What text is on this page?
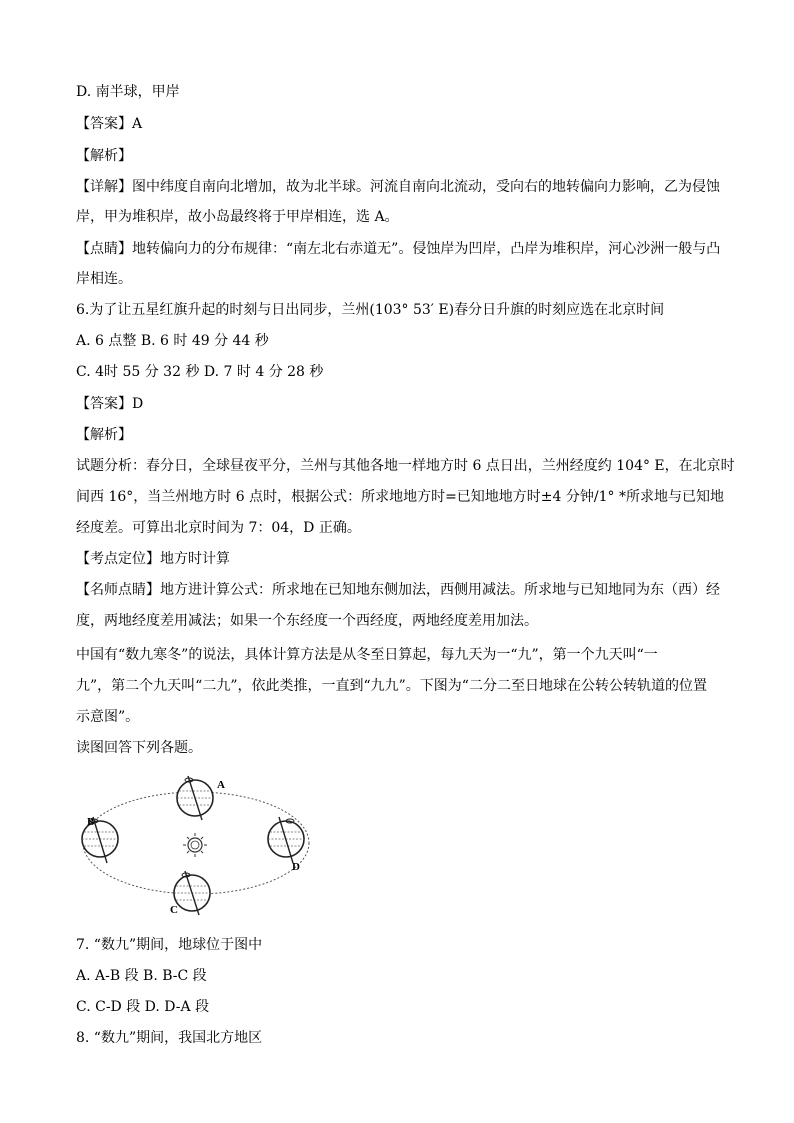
D. 南半球，甲岸
【答案】A
【解析】
【详解】图中纬度自南向北增加，故为北半球。河流自南向北流动，受向右的地转偏向力影响，乙为侵蚀
岸，甲为堆积岸，故小岛最终将于甲岸相连，选 A。
【点睛】地转偏向力的分布规律：“南左北右赤道无”。侵蚀岸为凹岸，凸岸为堆积岸，河心沙洲一般与凸
岸相连。
6.为了让五星红旗升起的时刻与日出同步，兰州(103° 53′ E)春分日升旗的时刻应选在北京时间
A. 6 点整 B. 6 时 49 分 44 秒
C. 4时 55 分 32 秒 D. 7 时 4 分 28 秒
【答案】D
【解析】
试题分析：春分日，全球昼夜平分，兰州与其他各地一样地方时 6 点日出，兰州经度约 104° E，在北京时
间西 16°，当兰州地方时 6 点时，根据公式：所求地地方时=已知地地方时±4 分钟/1° *所求地与已知地
经度差。可算出北京时间为 7：04，D 正确。
【考点定位】地方时计算
【名师点睛】地方进计算公式：所求地在已知地东侧加法，西侧用减法。所求地与已知地同为东（西）经
度，两地经度差用减法；如果一个东经度一个西经度，两地经度差用加法。
中国有“数九寒冬”的说法，具体计算方法是从冬至日算起，每九天为一“九”，第一个九天叫“一
九”，第二个九天叫“二九”，依此类推，一直到“九九”。下图为“二分二至日地球在公转公转轨道的位置
示意图”。
读图回答下列各题。
A
B
C
D
7. “数九”期间，地球位于图中
A. A-B 段 B. B-C 段
C. C-D 段 D. D-A 段
8. “数九”期间，我国北方地区
